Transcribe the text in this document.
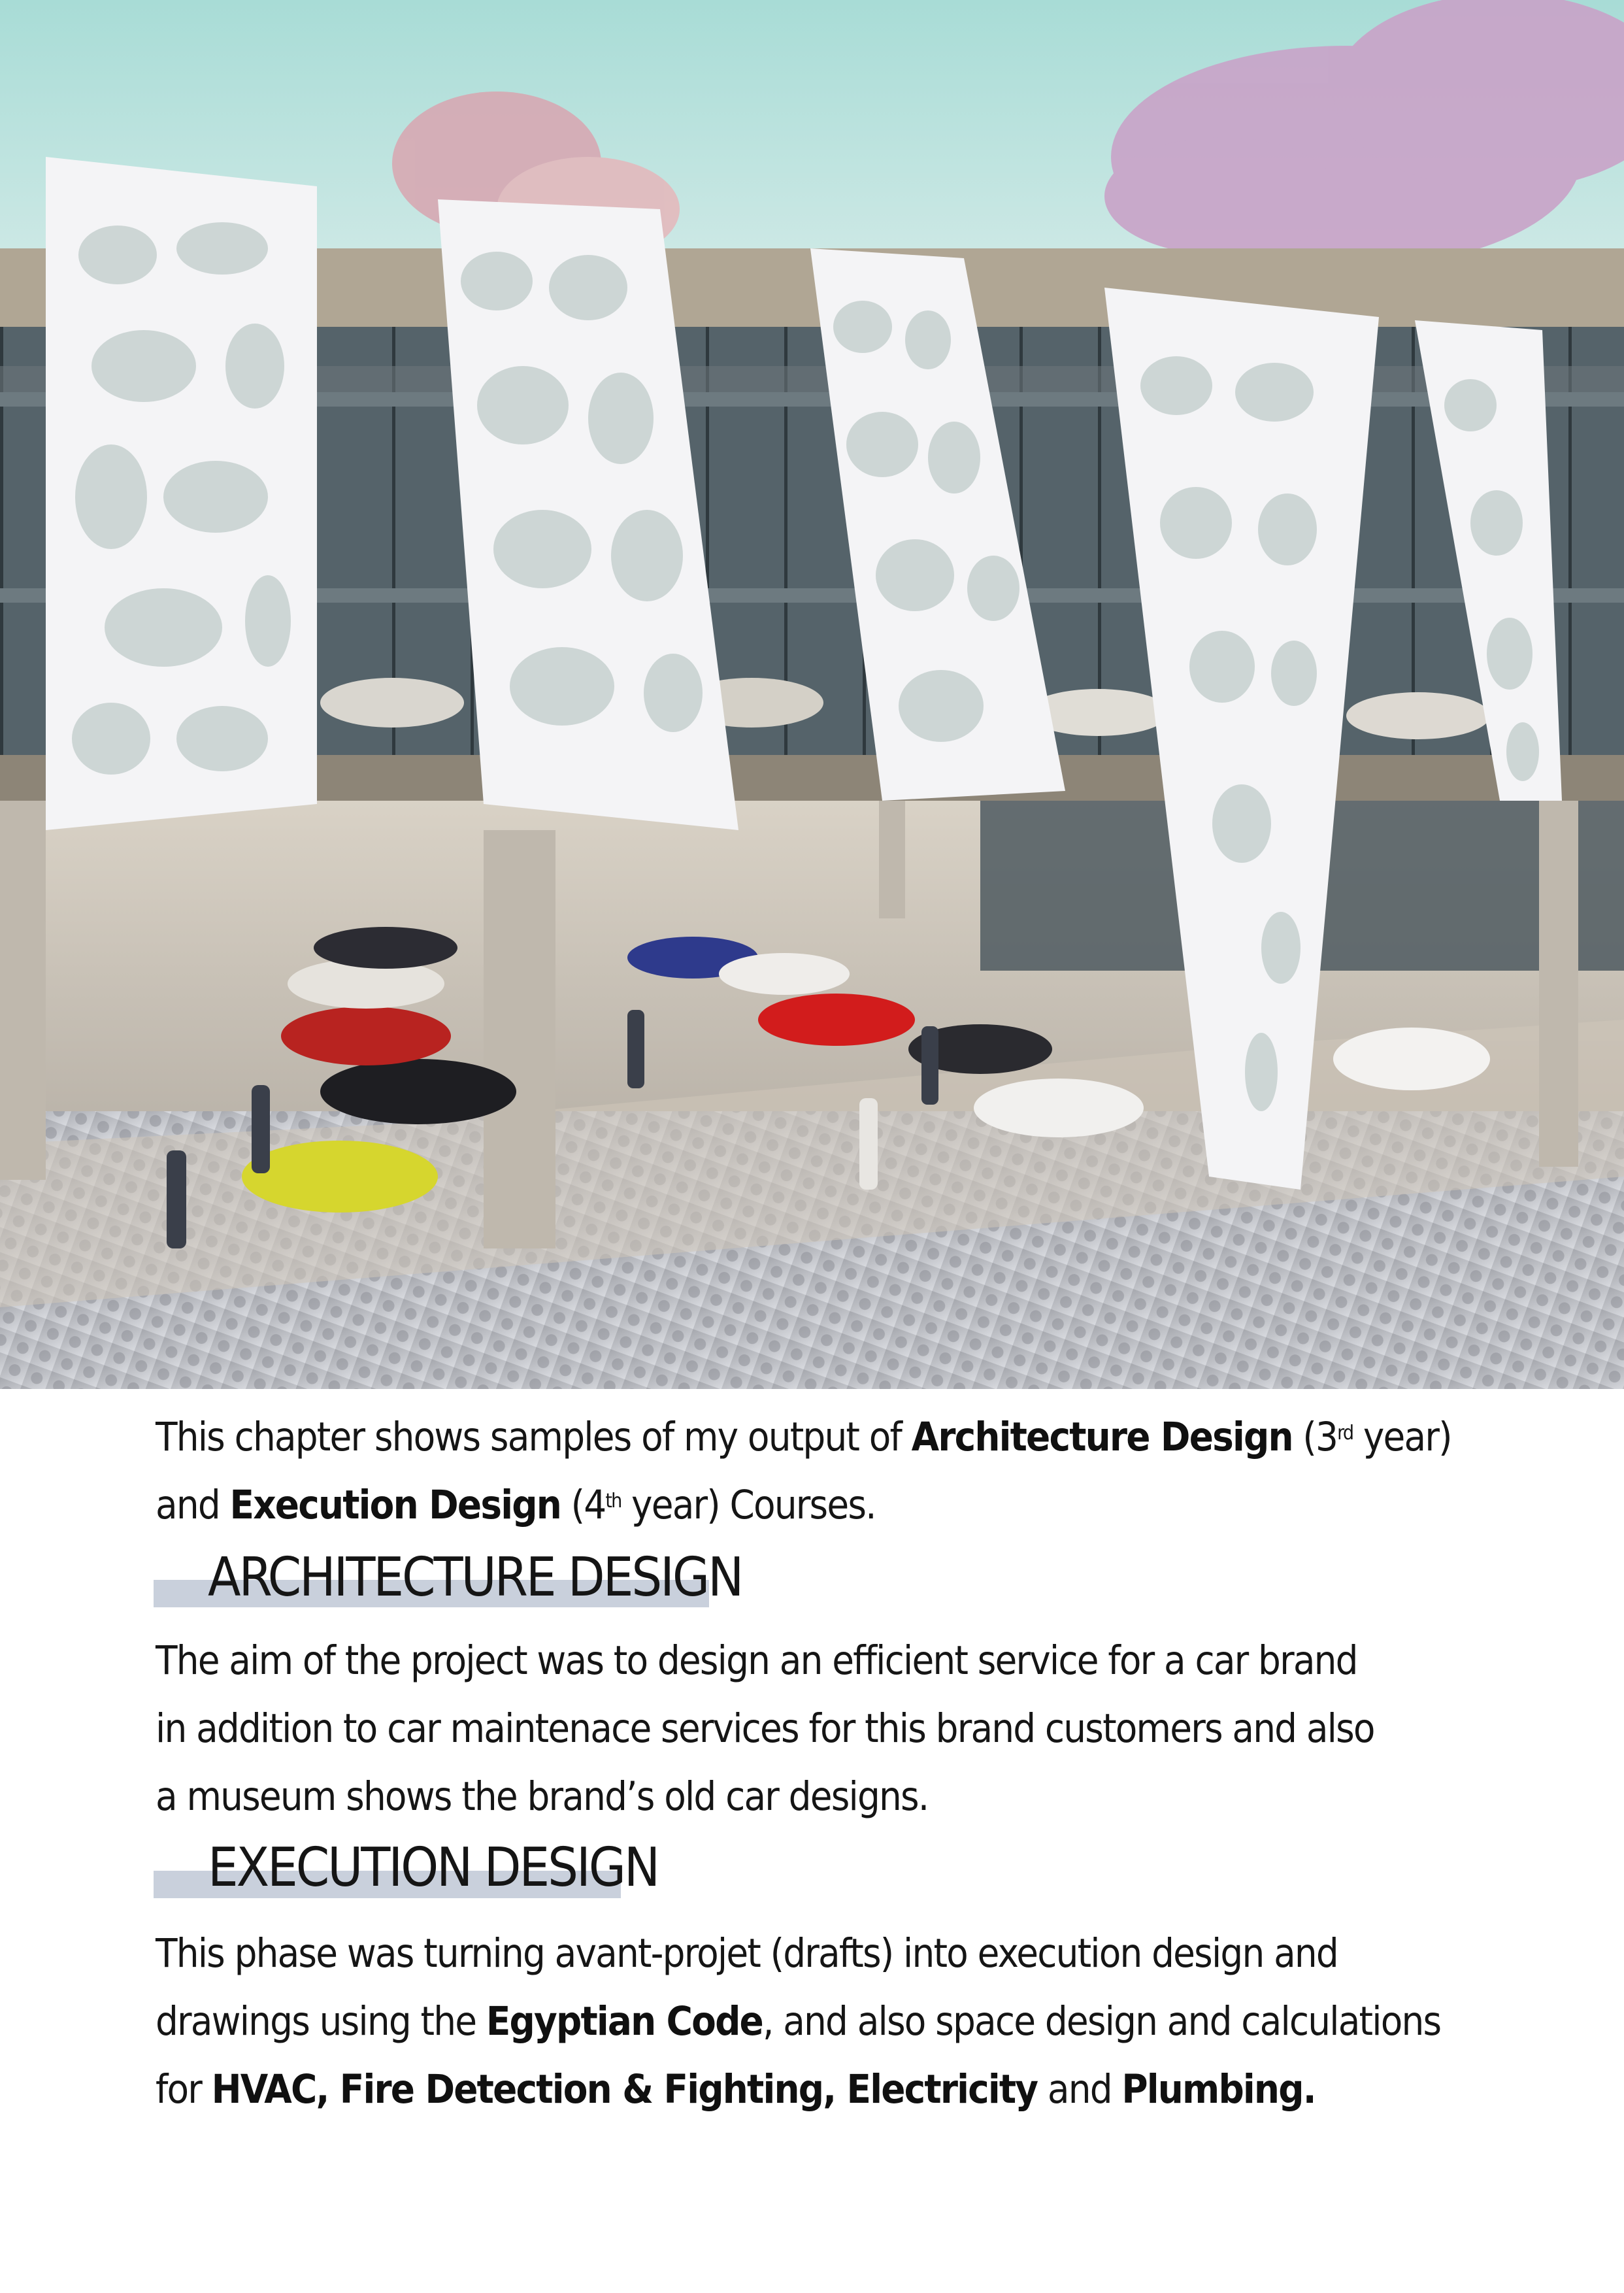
This chapter shows samples of my output of Architecture Design (3rd year)
and Execution Design (4th year) Courses.

ARCHITECTURE DESIGN

The aim of the project was to design an efficient service for a car brand
in addition to car maintenace services for this brand customers and also
a museum shows the brand’s old car designs.

EXECUTION DESIGN

This phase was turning avant-projet (drafts) into execution design and
drawings using the Egyptian Code, and also space design and calculations
for HVAC, Fire Detection & Fighting, Electricity and Plumbing.
